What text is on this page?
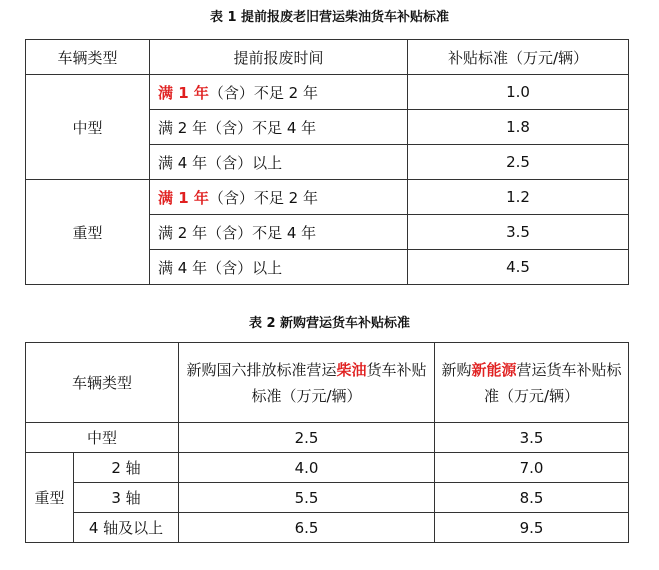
表 1 提前报废老旧营运柴油货车补贴标准
车辆类型	提前报废时间	补贴标准（万元/辆）
中型	满 1 年（含）不足 2 年	1.0
	满 2 年（含）不足 4 年	1.8
	满 4 年（含）以上	2.5
重型	满 1 年（含）不足 2 年	1.2
	满 2 年（含）不足 4 年	3.5
	满 4 年（含）以上	4.5
表 2 新购营运货车补贴标准
车辆类型		新购国六排放标准营运柴油货车补贴标准（万元/辆）	新购新能源营运货车补贴标准（万元/辆）
中型		2.5	3.5
重型	2 轴	4.0	7.0
	3 轴	5.5	8.5
	4 轴及以上	6.5	9.5
